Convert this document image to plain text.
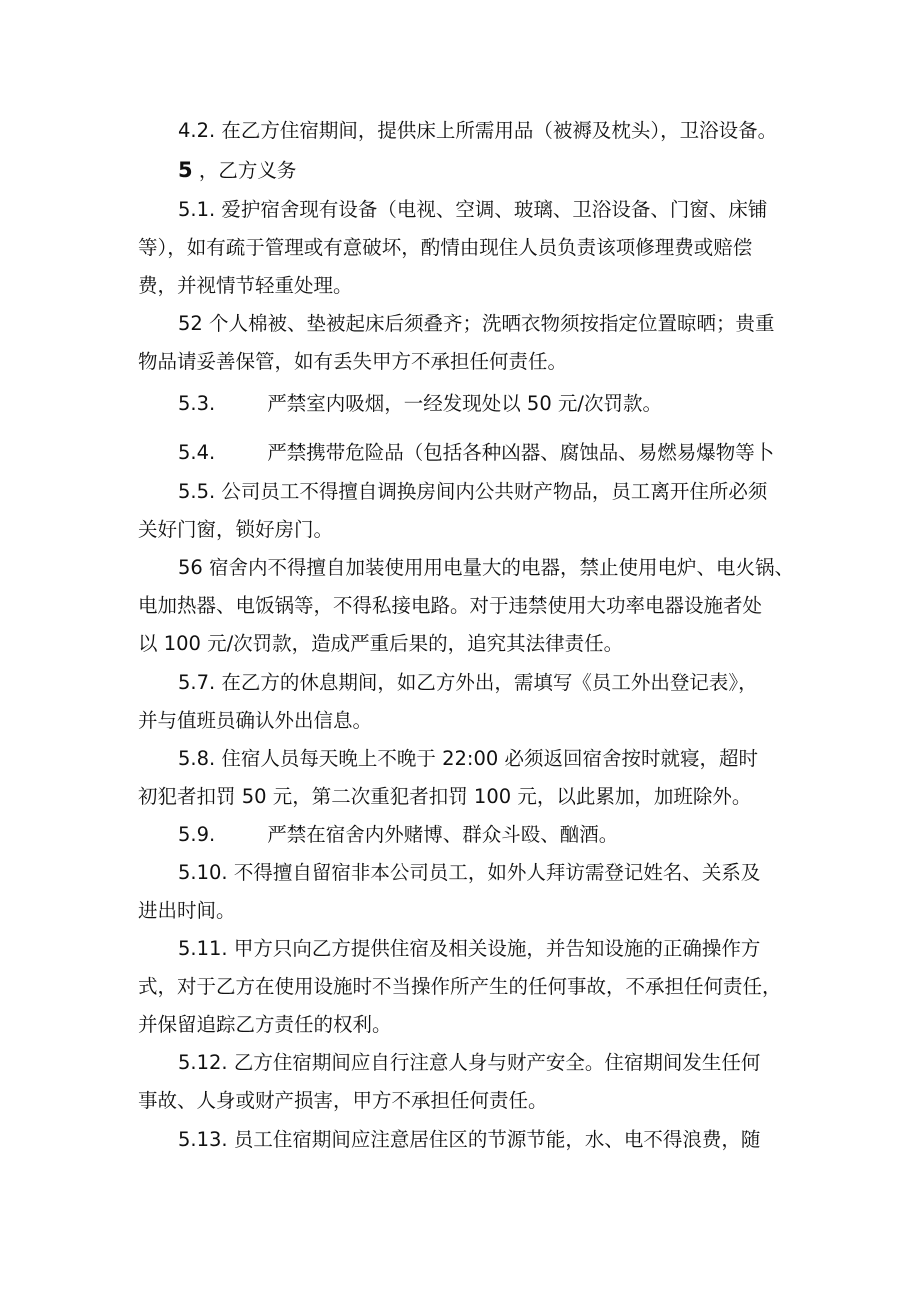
4.2. 在乙方住宿期间，提供床上所需用品（被褥及枕头），卫浴设备。
5 ，乙方义务
5.1. 爱护宿舍现有设备（电视、空调、玻璃、卫浴设备、门窗、床铺
等），如有疏于管理或有意破坏，酌情由现住人员负责该项修理费或赔偿
费，并视情节轻重处理。
52 个人棉被、垫被起床后须叠齐；洗晒衣物须按指定位置晾晒；贵重
物品请妥善保管，如有丢失甲方不承担任何责任。
5.3.	严禁室内吸烟，一经发现处以 50 元/次罚款。
5.4.	严禁携带危险品（包括各种凶器、腐蚀品、易燃易爆物等卜
5.5. 公司员工不得擅自调换房间内公共财产物品，员工离开住所必须
关好门窗，锁好房门。
56 宿舍内不得擅自加装使用用电量大的电器，禁止使用电炉、电火锅、
电加热器、电饭锅等，不得私接电路。对于违禁使用大功率电器设施者处
以 100 元/次罚款，造成严重后果的，追究其法律责任。
5.7. 在乙方的休息期间，如乙方外出，需填写《员工外出登记表》，
并与值班员确认外出信息。
5.8. 住宿人员每天晚上不晚于 22:00 必须返回宿舍按时就寝，超时
初犯者扣罚 50 元，第二次重犯者扣罚 100 元，以此累加，加班除外。
5.9.	严禁在宿舍内外赌博、群众斗殴、酗酒。
5.10. 不得擅自留宿非本公司员工，如外人拜访需登记姓名、关系及
进出时间。
5.11. 甲方只向乙方提供住宿及相关设施，并告知设施的正确操作方
式，对于乙方在使用设施时不当操作所产生的任何事故，不承担任何责任，
并保留追踪乙方责任的权利。
5.12. 乙方住宿期间应自行注意人身与财产安全。住宿期间发生任何
事故、人身或财产损害，甲方不承担任何责任。
5.13. 员工住宿期间应注意居住区的节源节能，水、电不得浪费，随
